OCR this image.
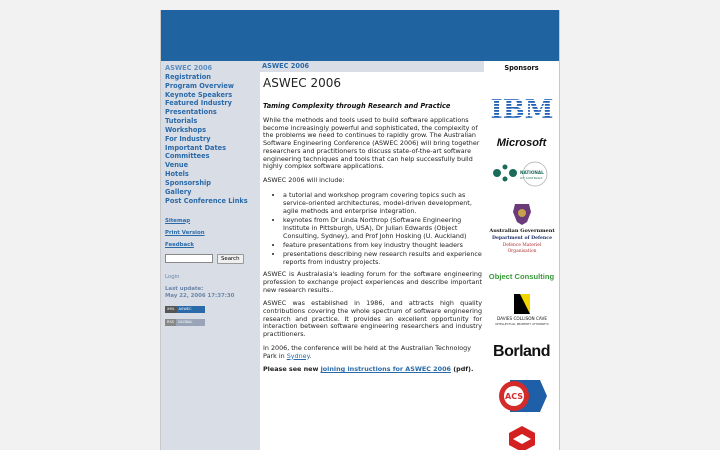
ASWEC 2006
Registration
Program Overview
Keynote Speakers
Featured Industry
Presentations
Tutorials
Workshops
For Industry
Important Dates
Committees
Venue
Hotels
Sponsorship
Gallery
Post Conference Links
Sitemap
Print Version
Feedback
Search
Login
Last update:
May 22, 2006 17:37:30
XML	ASWEC
RSS	GLOBAL
ASWEC 2006
ASWEC 2006
Taming Complexity through Research and Practice

While the methods and tools used to build software applications become increasingly powerful and sophisticated, the complexity of the problems we need to continues to rapidly grow. The Australian Software Engineering Conference (ASWEC 2006) will bring together researchers and practitioners to discuss state-of-the-art software engineering techniques and tools that can help successfully build highly complex software applications.

ASWEC 2006 will include:

• a tutorial and workshop program covering topics such as service-oriented architectures, model-driven development, agile methods and enterprise integration.
• keynotes from Dr Linda Northrop (Software Engineering Institute in Pittsburgh, USA), Dr Julian Edwards (Object Consulting, Sydney), and Prof John Hosking (U. Auckland)
• feature presentations from key industry thought leaders
• presentations describing new research results and experience reports from industry projects.

ASWEC is Australasia's leading forum for the software engineering profession to exchange project experiences and describe important new research results..

ASWEC was established in 1986, and attracts high quality contributions covering the whole spectrum of software engineering research and practice. It provides an excellent opportunity for interaction between software engineering researchers and industry practitioners.

In 2006, the conference will be held at the Australian Technology Park in Sydney.

Please see new joining instructions for ASWEC 2006 (pdf).

Sponsors
Microsoft
NATIONAL
ICT AUSTRALIA
Australian Government
Department of Defence
Defence Materiel
Organisation
Object Consulting
DAVIES COLLISON CAVE
INTELLECTUAL PROPERTY ATTORNEYS
Borland
ACS
